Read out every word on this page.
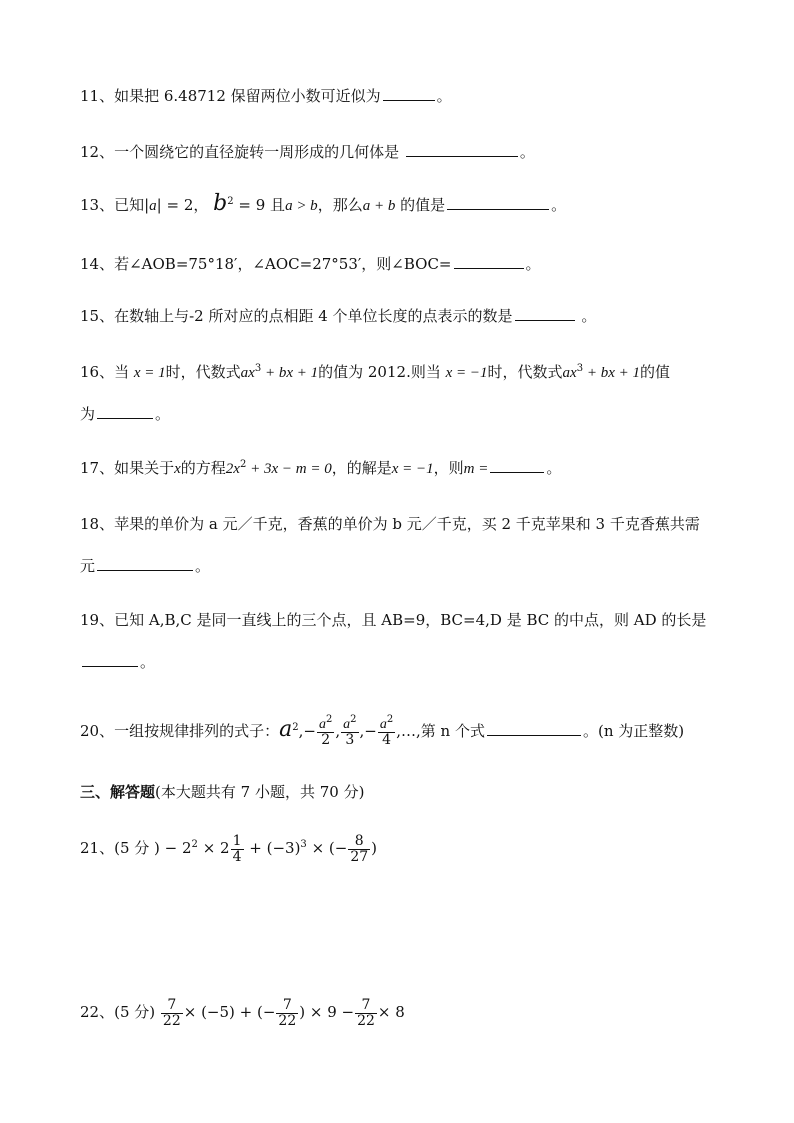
11、如果把 6.48712 保留两位小数可近似为	。
12、一个圆绕它的直径旋转一周形成的几何体是	。
13、已知|a| = 2， $b^2 = 9$ 且a > b，那么a + b 的值是	。
14、若∠AOB=75°18′，∠AOC=27°53′，则∠BOC=	。
15、在数轴上与-2 所对应的点相距 4 个单位长度的点表示的数是	。
16、当 x = 1时，代数式$ax^3$ + bx + 1的值为 2012.则当 x = −1时，代数式$ax^3$ + bx + 1的值
为	。
17、如果关于x的方程$2x^2 + 3x - m = 0$，的解是x = −1，则m =	。
18、苹果的单价为 a 元／千克，香蕉的单价为 b 元／千克，买 2 千克苹果和 3 千克香蕉共需
元	。
19、已知 A,B,C 是同一直线上的三个点，且 AB=9，BC=4,D 是 BC 的中点，则 AD 的长是
。
20、一组按规律排列的式子：$a^2,- \frac{a^2}{2}$ , $\frac{a^2}{3}$ ,− $\frac{a^2}{4}$ ,…,第 n 个式	。(n 为正整数)
三、解答题(本大题共有 7 小题，共 70 分)
21、(5 分 ) − $2^2 \times 2 \frac{1}{4} + (-3)^3$ × (− $\frac{8}{27}$ )
22、(5 分) $\frac{7}{22} \times (-5)$ + (− $\frac{7}{22}$ ) × $9 - \frac{7}{22} \times 8$
